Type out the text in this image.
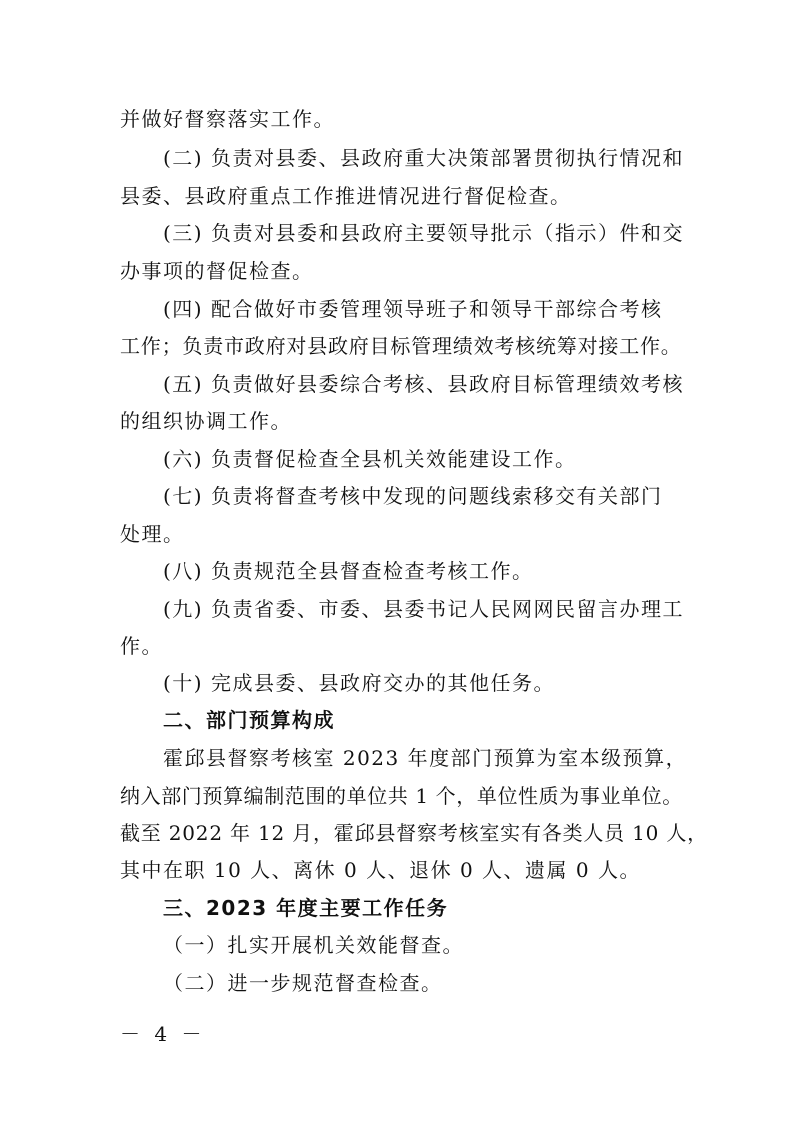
并做好督察落实工作。
(二) 负责对县委、县政府重大决策部署贯彻执行情况和
县委、县政府重点工作推进情况进行督促检查。
(三) 负责对县委和县政府主要领导批示（指示）件和交
办事项的督促检查。
(四) 配合做好市委管理领导班子和领导干部综合考核
工作；负责市政府对县政府目标管理绩效考核统筹对接工作。
(五) 负责做好县委综合考核、县政府目标管理绩效考核
的组织协调工作。
(六) 负责督促检查全县机关效能建设工作。
(七) 负责将督查考核中发现的问题线索移交有关部门
处理。
(八) 负责规范全县督查检查考核工作。
(九) 负责省委、市委、县委书记人民网网民留言办理工
作。
(十) 完成县委、县政府交办的其他任务。
二、部门预算构成
霍邱县督察考核室 2023 年度部门预算为室本级预算，
纳入部门预算编制范围的单位共 1 个，单位性质为事业单位。
截至 2022 年 12 月，霍邱县督察考核室实有各类人员 10 人，
其中在职 10 人、离休 0 人、退休 0 人、遗属 0 人。
三、2023 年度主要工作任务
（一）扎实开展机关效能督查。
（二）进一步规范督查检查。
－ 4 －
